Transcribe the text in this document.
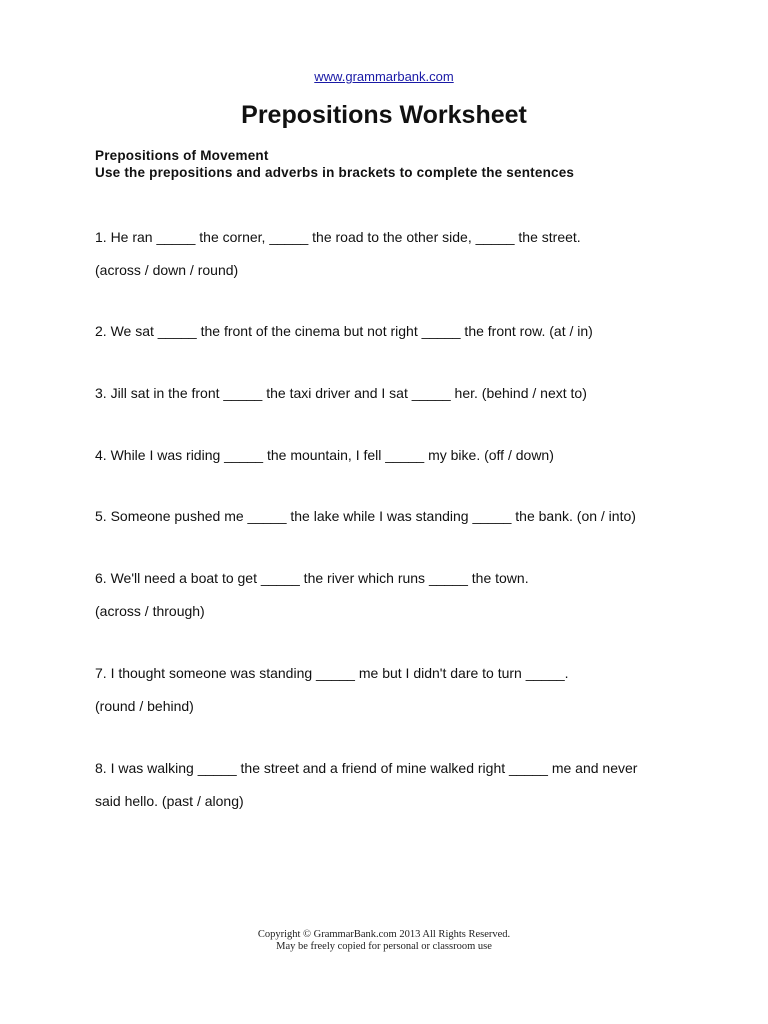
www.grammarbank.com
Prepositions Worksheet
Prepositions of Movement
Use the prepositions and adverbs in brackets to complete the sentences
1. He ran _____ the corner, _____ the road to the other side, _____ the street.
(across / down / round)
2. We sat _____ the front of the cinema but not right _____ the front row. (at / in)
3. Jill sat in the front _____ the taxi driver and I sat _____ her. (behind / next to)
4. While I was riding _____ the mountain, I fell _____ my bike. (off / down)
5. Someone pushed me _____ the lake while I was standing _____ the bank. (on / into)
6. We'll need a boat to get _____ the river which runs _____ the town.
(across / through)
7. I thought someone was standing _____ me but I didn't dare to turn _____.
(round / behind)
8. I was walking _____ the street and a friend of mine walked right _____ me and never
said hello. (past / along)
Copyright © GrammarBank.com 2013 All Rights Reserved.
May be freely copied for personal or classroom use
